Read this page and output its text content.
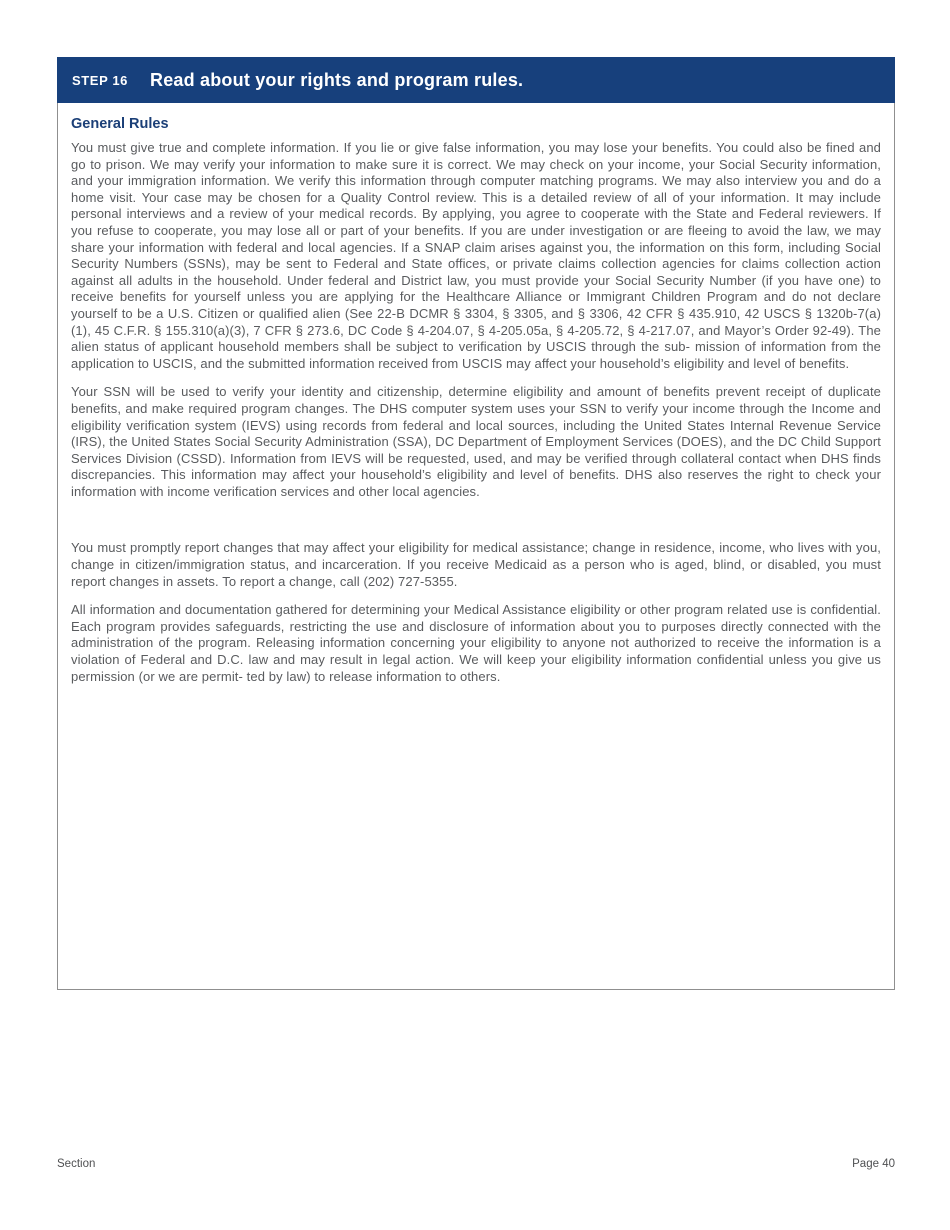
STEP 16 Read about your rights and program rules.
General Rules

You must give true and complete information. If you lie or give false information, you may lose your benefits. You could also be fined and go to prison. We may verify your information to make sure it is correct. We may check on your income, your Social Security information, and your immigration information. We verify this information through computer matching programs. We may also interview you and do a home visit. Your case may be chosen for a Quality Control review. This is a detailed review of all of your information. It may include personal interviews and a review of your medical records. By applying, you agree to cooperate with the State and Federal reviewers. If you refuse to cooperate, you may lose all or part of your benefits. If you are under investigation or are fleeing to avoid the law, we may share your information with federal and local agencies. If a SNAP claim arises against you, the information on this form, including Social Security Numbers (SSNs), may be sent to Federal and State offices, or private claims collection agencies for claims collection action against all adults in the household. Under federal and District law, you must provide your Social Security Number (if you have one) to receive benefits for yourself unless you are applying for the Healthcare Alliance or Immigrant Children Program and do not declare yourself to be a U.S. Citizen or qualified alien (See 22-B DCMR § 3304, § 3305, and § 3306, 42 CFR § 435.910, 42 USCS § 1320b-7(a)(1), 45 C.F.R. § 155.310(a)(3), 7 CFR § 273.6, DC Code § 4-204.07, § 4-205.05a, § 4-205.72, § 4-217.07, and Mayor’s Order 92-49). The alien status of applicant household members shall be subject to verification by USCIS through the sub- mission of information from the application to USCIS, and the submitted information received from USCIS may affect your household’s eligibility and level of benefits.

Your SSN will be used to verify your identity and citizenship, determine eligibility and amount of benefits prevent receipt of duplicate benefits, and make required program changes. The DHS computer system uses your SSN to verify your income through the Income and eligibility verification system (IEVS) using records from federal and local sources, including the United States Internal Revenue Service (IRS), the United States Social Security Administration (SSA), DC Department of Employment Services (DOES), and the DC Child Support Services Division (CSSD). Information from IEVS will be requested, used, and may be verified through collateral contact when DHS finds discrepancies. This information may affect your household’s eligibility and level of benefits. DHS also reserves the right to check your information with income verification services and other local agencies.

You must promptly report changes that may affect your eligibility for medical assistance; change in residence, income, who lives with you, change in citizen/immigration status, and incarceration. If you receive Medicaid as a person who is aged, blind, or disabled, you must report changes in assets. To report a change, call (202) 727-5355.

All information and documentation gathered for determining your Medical Assistance eligibility or other program related use is confidential. Each program provides safeguards, restricting the use and disclosure of information about you to purposes directly connected with the administration of the program. Releasing information concerning your eligibility to anyone not authorized to receive the information is a violation of Federal and D.C. law and may result in legal action. We will keep your eligibility information confidential unless you give us permission (or we are permit- ted by law) to release information to others.

Section	Page 40
